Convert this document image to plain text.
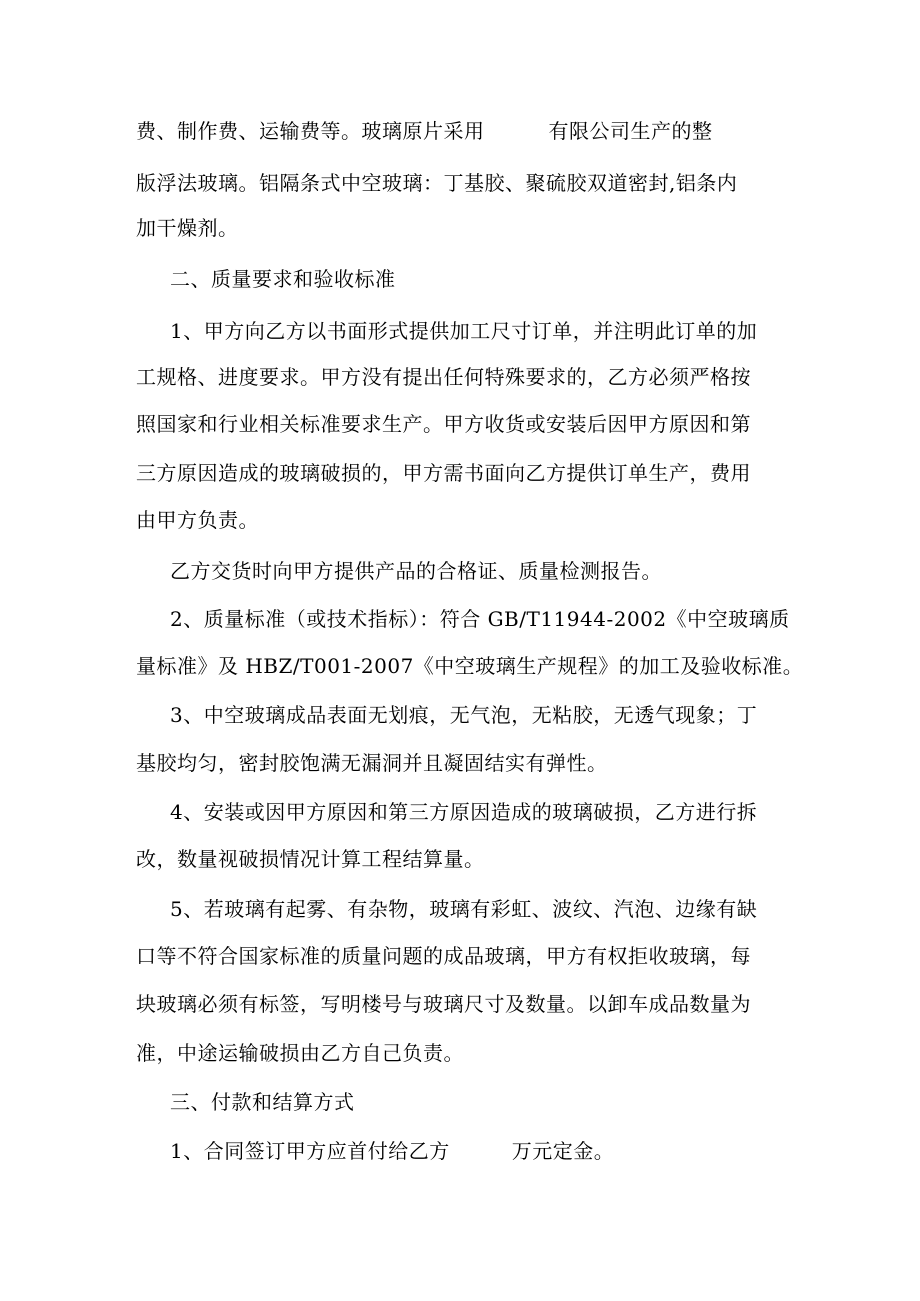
费、制作费、运输费等。玻璃原片采用	有限公司生产的整
版浮法玻璃。铝隔条式中空玻璃：丁基胶、聚硫胶双道密封,铝条内
加干燥剂。
二、质量要求和验收标准
1、甲方向乙方以书面形式提供加工尺寸订单，并注明此订单的加
工规格、进度要求。甲方没有提出任何特殊要求的，乙方必须严格按
照国家和行业相关标准要求生产。甲方收货或安装后因甲方原因和第
三方原因造成的玻璃破损的，甲方需书面向乙方提供订单生产，费用
由甲方负责。
乙方交货时向甲方提供产品的合格证、质量检测报告。
2、质量标准（或技术指标）：符合 GB/T11944-2002《中空玻璃质
量标准》及 HBZ/T001-2007《中空玻璃生产规程》的加工及验收标准。
3、中空玻璃成品表面无划痕，无气泡，无粘胶，无透气现象；丁
基胶均匀，密封胶饱满无漏洞并且凝固结实有弹性。
4、安装或因甲方原因和第三方原因造成的玻璃破损，乙方进行拆
改，数量视破损情况计算工程结算量。
5、若玻璃有起雾、有杂物，玻璃有彩虹、波纹、汽泡、边缘有缺
口等不符合国家标准的质量问题的成品玻璃，甲方有权拒收玻璃，每
块玻璃必须有标签，写明楼号与玻璃尺寸及数量。以卸车成品数量为
准，中途运输破损由乙方自己负责。
三、付款和结算方式
1、合同签订甲方应首付给乙方	万元定金。
